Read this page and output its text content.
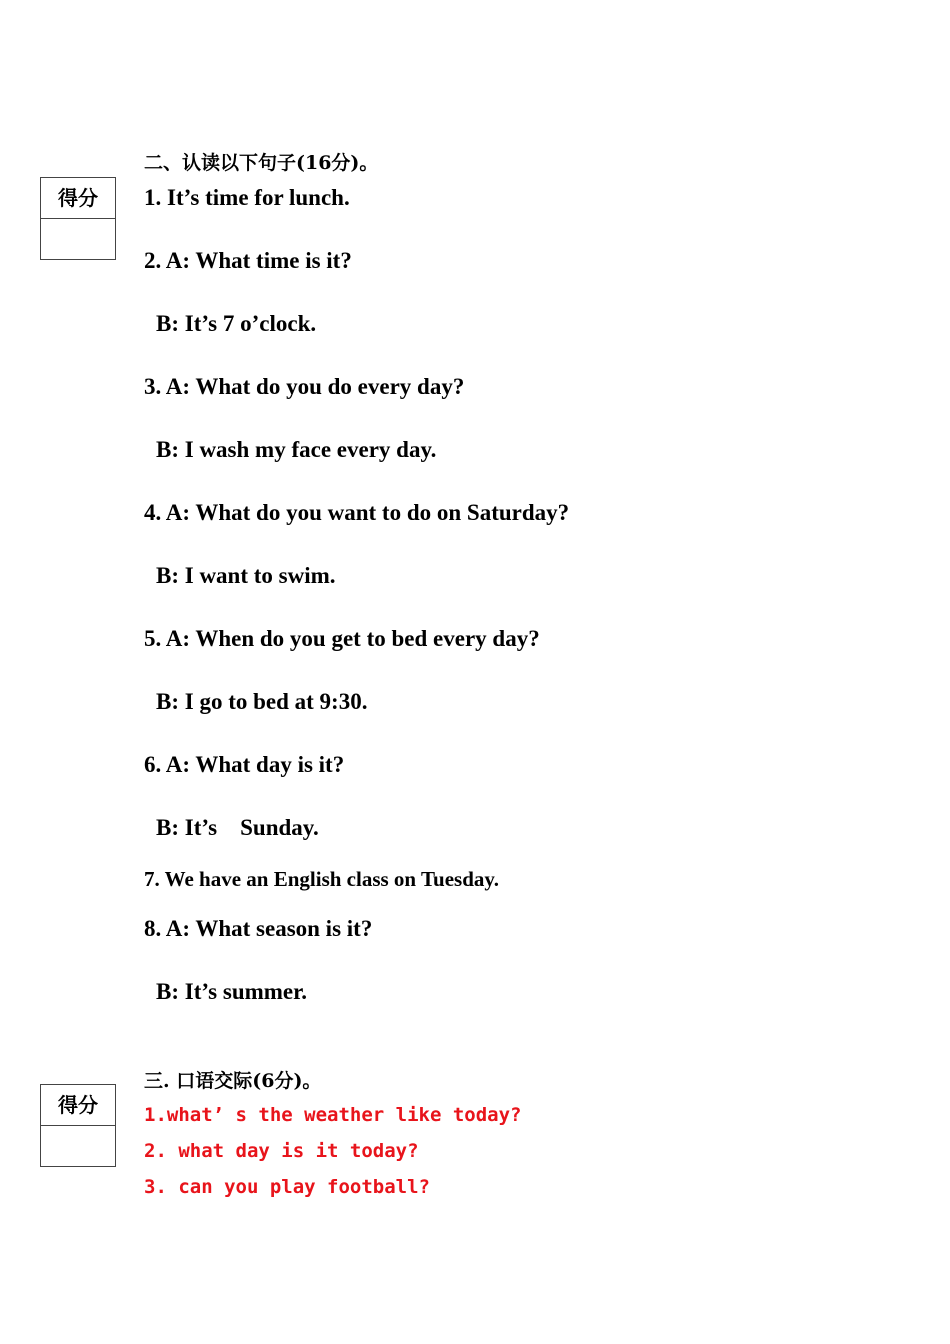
二、认读以下句子(16分)。
得分	1. It’s time for lunch.
2. A: What time is it?
B: It’s 7 o’clock.
3. A: What do you do every day?
B: I wash my face every day.
4. A: What do you want to do on Saturday?
B: I want to swim.
5. A: When do you get to bed every day?
B: I go to bed at 9:30.
6. A: What day is it?
B: It’s    Sunday.
7. We have an English class on Tuesday.
8. A: What season is it?
B: It’s summer.
三. 口语交际(6分)。
得分	1.what’ s the weather like today?
2. what day is it today?
3. can you play football?
